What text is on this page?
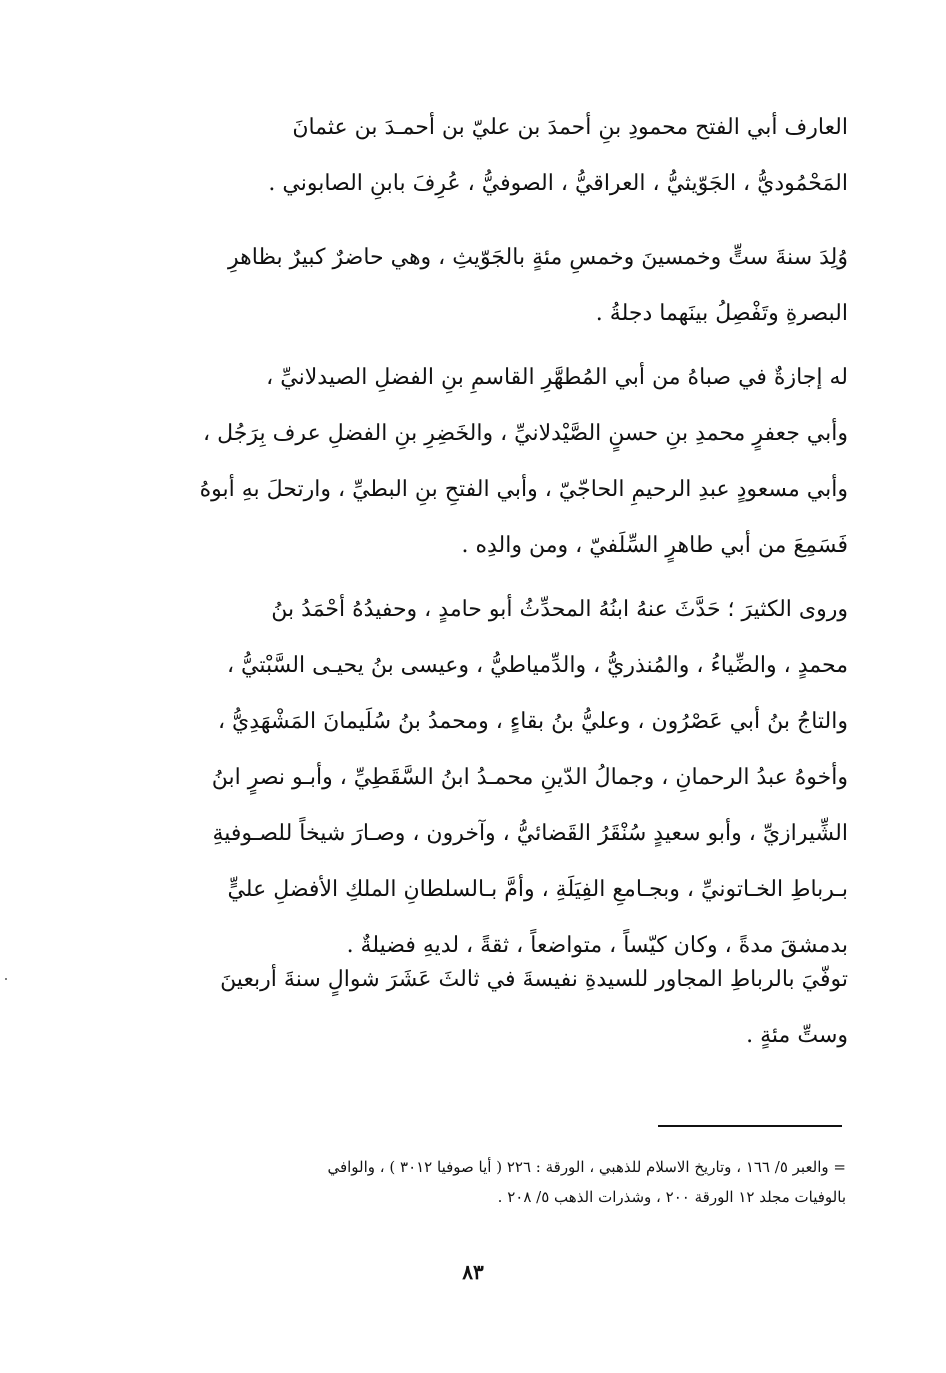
العارف أبي الفتح محمودِ بنِ أحمدَ بن عليّ بن أحمـدَ بن عثمانَ
المَحْمُوديُّ ، الجَوّيثيُّ ، العراقيُّ ، الصوفيُّ ، عُرِفَ بابنِ الصابوني .
وُلِدَ سنةَ ستٍّ وخمسينَ وخمسِ مئةٍ بالجَوّيثِ ، وهي حاضرٌ كبيرٌ بظاهرِ
البصرةِ وتَفْصِلُ بينَهما دجلةُ .
له إجازةٌ في صباهُ من أبي المُطهَّرِ القاسمِ بنِ الفضلِ الصيدلانيِّ ،
وأبي جعفرٍ محمدِ بنِ حسنٍ الصَّيْدلانيِّ ، والخَضِرِ بنِ الفضلِ عرف بِرَجُل ،
وأبي مسعودٍ عبدِ الرحيمِ الحاجّيّ ، وأبي الفتحِ بنِ البطيِّ ، وارتحلَ بهِ أبوهُ
فَسَمِعَ من أبي طاهرٍ السِّلَفيّ ، ومن والدِه .
وروى الكثيرَ ؛ حَدَّثَ عنهُ ابنُهُ المحدِّثُ أبو حامدٍ ، وحفيدُهُ أحْمَدُ بنُ
محمدٍ ، والضِّياءُ ، والمُنذريُّ ، والدِّمياطيُّ ، وعيسى بنُ يحيـى السَّبْتيُّ ،
والتاجُ بنُ أبي عَصْرُون ، وعليُّ بنُ بقاءٍ ، ومحمدُ بنُ سُلَيمانَ المَشْهَدِيُّ ،
وأخوهُ عبدُ الرحمانِ ، وجمالُ الدّينِ محمـدُ ابنُ السَّقَطِيِّ ، وأبـو نصرٍ ابنُ
الشِّيرازيِّ ، وأبو سعيدٍ سُنْقَرُ القَضائيُّ ، وآخرون ، وصـارَ شيخاً للصـوفيةِ
بـرباطِ الخـاتونيِّ ، وبجـامعِ الفِيَلَةِ ، وأمَّ بـالسلطانِ الملكِ الأفضلِ عليٍّ
بدمشقَ مدةً ، وكان كيّساً ، متواضعاً ، ثقةً ، لديهِ فضيلةٌ .
توفّيَ بالرباطِ المجاور للسيدةِ نفيسةَ في ثالثَ عَشَرَ شوالٍ سنةَ أربعينَ
وستِّ مئةٍ .
= والعبر ٥/ ١٦٦ ، وتاريخ الاسلام للذهبي ، الورقة : ٢٢٦ ( أيا صوفيا ٣٠١٢ ) ، والوافي
بالوفيات مجلد ١٢ الورقة ٢٠٠ ، وشذرات الذهب ٥/ ٢٠٨ .
٨٣
